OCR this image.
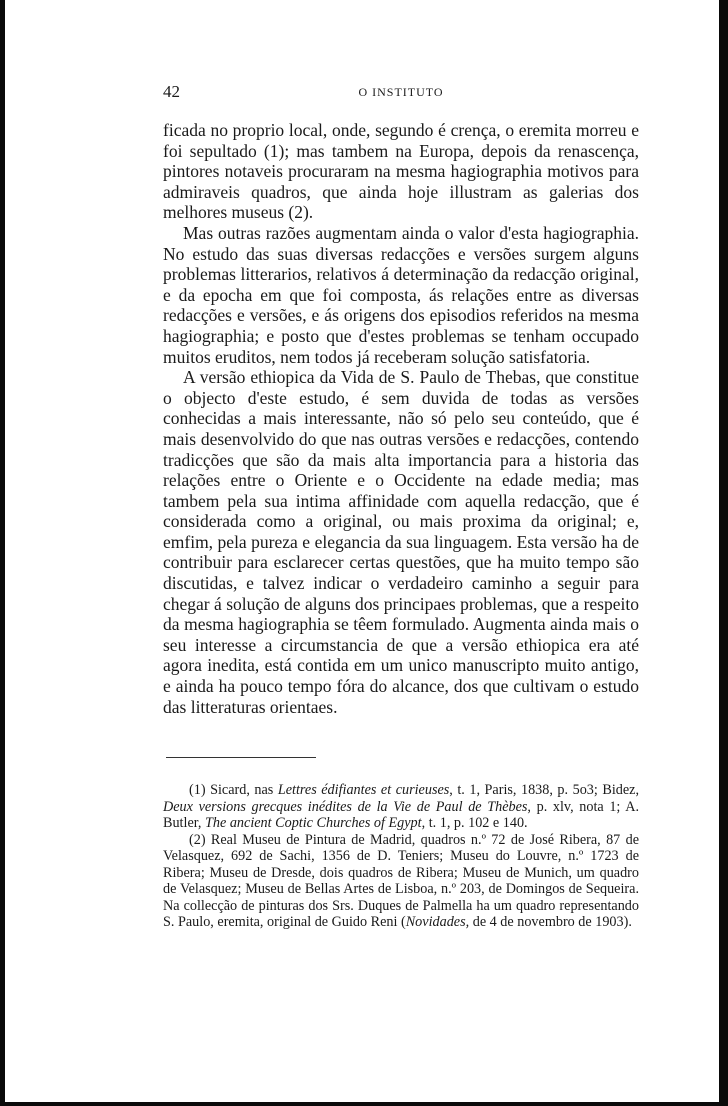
42	O INSTITUTO

ficada no proprio local, onde, segundo é crença, o eremita morreu e foi sepultado (1); mas tambem na Europa, depois da renascença, pintores notaveis procuraram na mesma hagiographia motivos para admiraveis quadros, que ainda hoje illustram as galerias dos melhores museus (2).

Mas outras razões augmentam ainda o valor d'esta hagiographia. No estudo das suas diversas redacções e versões surgem alguns problemas litterarios, relativos á determinação da redacção original, e da epocha em que foi composta, ás relações entre as diversas redacções e versões, e ás origens dos episodios referidos na mesma hagiographia; e posto que d'estes problemas se tenham occupado muitos eruditos, nem todos já receberam solução satisfatoria.

A versão ethiopica da Vida de S. Paulo de Thebas, que constitue o objecto d'este estudo, é sem duvida de todas as versões conhecidas a mais interessante, não só pelo seu conteúdo, que é mais desenvolvido do que nas outras versões e redacções, contendo tradicções que são da mais alta importancia para a historia das relações entre o Oriente e o Occidente na edade media; mas tambem pela sua intima affinidade com aquella redacção, que é considerada como a original, ou mais proxima da original; e, emfim, pela pureza e elegancia da sua linguagem. Esta versão ha de contribuir para esclarecer certas questões, que ha muito tempo são discutidas, e talvez indicar o verdadeiro caminho a seguir para chegar á solução de alguns dos principaes problemas, que a respeito da mesma hagiographia se têem formulado. Augmenta ainda mais o seu interesse a circumstancia de que a versão ethiopica era até agora inedita, está contida em um unico manuscripto muito antigo, e ainda ha pouco tempo fóra do alcance, dos que cultivam o estudo das litteraturas orientaes.

(1) Sicard, nas Lettres édifiantes et curieuses, t. 1, Paris, 1838, p. 5o3; Bidez, Deux versions grecques inédites de la Vie de Paul de Thèbes, p. xlv, nota 1; A. Butler, The ancient Coptic Churches of Egypt, t. 1, p. 102 e 140.

(2) Real Museu de Pintura de Madrid, quadros n.º 72 de José Ribera, 87 de Velasquez, 692 de Sachi, 1356 de D. Teniers; Museu do Louvre, n.º 1723 de Ribera; Museu de Dresde, dois quadros de Ribera; Museu de Munich, um quadro de Velasquez; Museu de Bellas Artes de Lisboa, n.º 203, de Domingos de Sequeira. Na collecção de pinturas dos Srs. Duques de Palmella ha um quadro representando S. Paulo, eremita, original de Guido Reni (Novidades, de 4 de novembro de 1903).
